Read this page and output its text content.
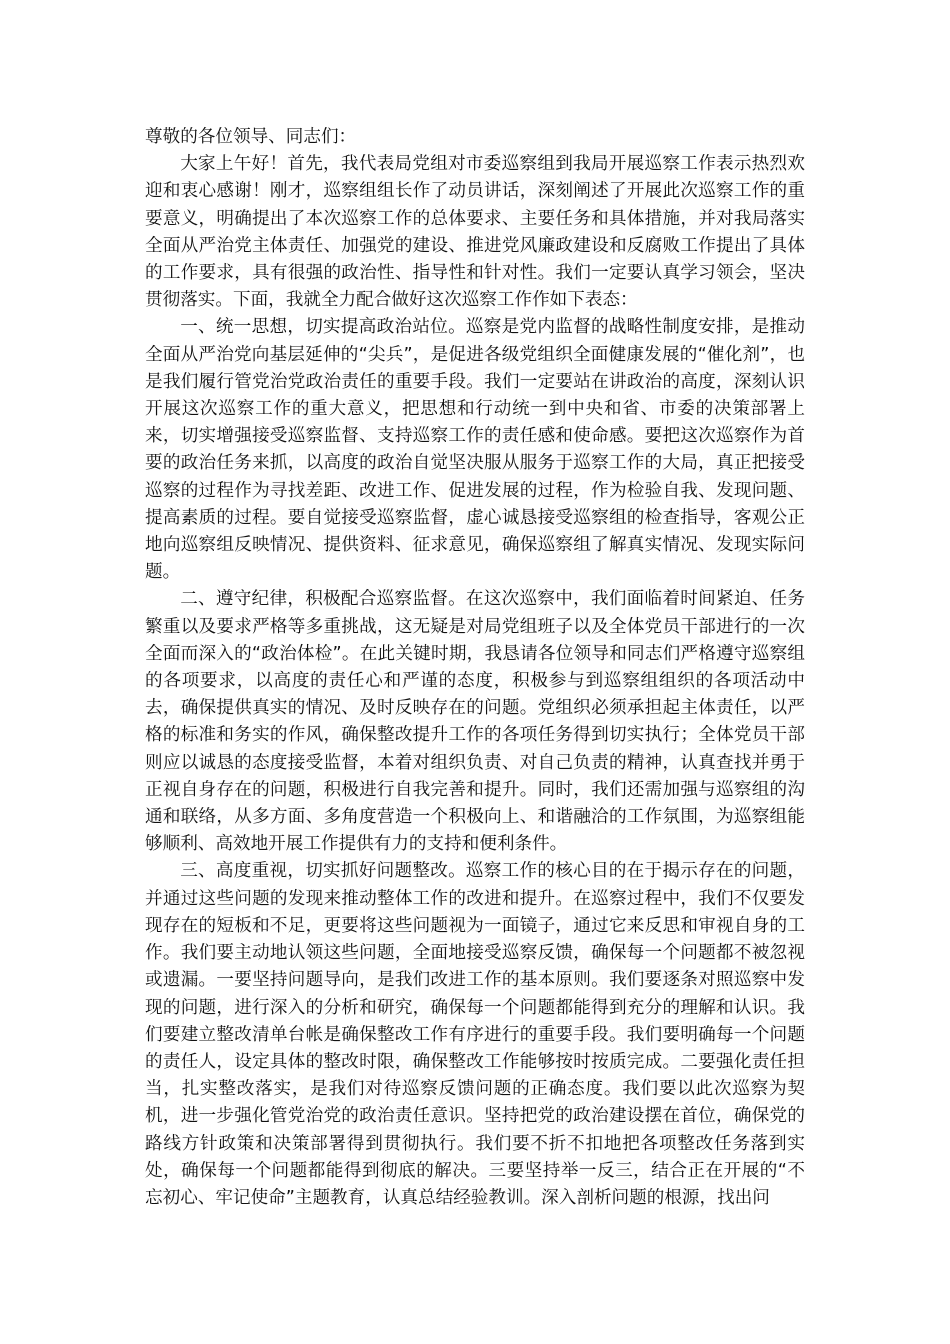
尊敬的各位领导、同志们：

大家上午好！首先，我代表局党组对市委巡察组到我局开展巡察工作表示热烈欢迎和衷心感谢！刚才，巡察组组长作了动员讲话，深刻阐述了开展此次巡察工作的重要意义，明确提出了本次巡察工作的总体要求、主要任务和具体措施，并对我局落实全面从严治党主体责任、加强党的建设、推进党风廉政建设和反腐败工作提出了具体的工作要求，具有很强的政治性、指导性和针对性。我们一定要认真学习领会，坚决贯彻落实。下面，我就全力配合做好这次巡察工作作如下表态：

一、统一思想，切实提高政治站位。巡察是党内监督的战略性制度安排，是推动全面从严治党向基层延伸的“尖兵”，是促进各级党组织全面健康发展的“催化剂”，也是我们履行管党治党政治责任的重要手段。我们一定要站在讲政治的高度，深刻认识开展这次巡察工作的重大意义，把思想和行动统一到中央和省、市委的决策部署上来，切实增强接受巡察监督、支持巡察工作的责任感和使命感。要把这次巡察作为首要的政治任务来抓，以高度的政治自觉坚决服从服务于巡察工作的大局，真正把接受巡察的过程作为寻找差距、改进工作、促进发展的过程，作为检验自我、发现问题、提高素质的过程。要自觉接受巡察监督，虚心诚恳接受巡察组的检查指导，客观公正地向巡察组反映情况、提供资料、征求意见，确保巡察组了解真实情况、发现实际问题。

二、遵守纪律，积极配合巡察监督。在这次巡察中，我们面临着时间紧迫、任务繁重以及要求严格等多重挑战，这无疑是对局党组班子以及全体党员干部进行的一次全面而深入的“政治体检”。在此关键时期，我恳请各位领导和同志们严格遵守巡察组的各项要求，以高度的责任心和严谨的态度，积极参与到巡察组组织的各项活动中去，确保提供真实的情况、及时反映存在的问题。党组织必须承担起主体责任，以严格的标准和务实的作风，确保整改提升工作的各项任务得到切实执行；全体党员干部则应以诚恳的态度接受监督，本着对组织负责、对自己负责的精神，认真查找并勇于正视自身存在的问题，积极进行自我完善和提升。同时，我们还需加强与巡察组的沟通和联络，从多方面、多角度营造一个积极向上、和谐融洽的工作氛围，为巡察组能够顺利、高效地开展工作提供有力的支持和便利条件。

三、高度重视，切实抓好问题整改。巡察工作的核心目的在于揭示存在的问题，并通过这些问题的发现来推动整体工作的改进和提升。在巡察过程中，我们不仅要发现存在的短板和不足，更要将这些问题视为一面镜子，通过它来反思和审视自身的工作。我们要主动地认领这些问题，全面地接受巡察反馈，确保每一个问题都不被忽视或遗漏。一要坚持问题导向，是我们改进工作的基本原则。我们要逐条对照巡察中发现的问题，进行深入的分析和研究，确保每一个问题都能得到充分的理解和认识。我们要建立整改清单台帐是确保整改工作有序进行的重要手段。我们要明确每一个问题的责任人，设定具体的整改时限，确保整改工作能够按时按质完成。二要强化责任担当，扎实整改落实，是我们对待巡察反馈问题的正确态度。我们要以此次巡察为契机，进一步强化管党治党的政治责任意识。坚持把党的政治建设摆在首位，确保党的路线方针政策和决策部署得到贯彻执行。我们要不折不扣地把各项整改任务落到实处，确保每一个问题都能得到彻底的解决。三要坚持举一反三，结合正在开展的“不忘初心、牢记使命”主题教育，认真总结经验教训。深入剖析问题的根源，找出问
